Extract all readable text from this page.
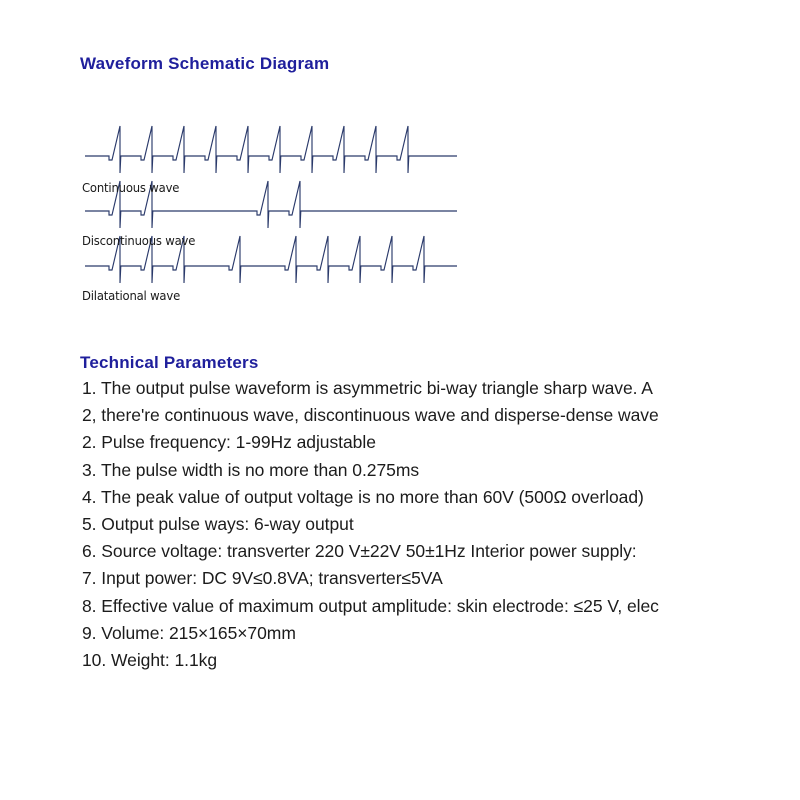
Waveform Schematic Diagram
Continuous wave
Discontinuous wave
Dilatational wave
Technical Parameters
1. The output pulse waveform is asymmetric bi-way triangle sharp wave. A
2, there're continuous wave, discontinuous wave and disperse-dense wave
2. Pulse frequency: 1-99Hz adjustable
3. The pulse width is no more than 0.275ms
4. The peak value of output voltage is no more than 60V (500Ω overload)
5. Output pulse ways: 6-way output
6. Source voltage: transverter 220 V±22V 50±1Hz Interior power supply:
7. Input power: DC 9V≤0.8VA; transverter≤5VA
8. Effective value of maximum output amplitude: skin electrode: ≤25 V, elec
9. Volume: 215×165×70mm
10. Weight: 1.1kg
